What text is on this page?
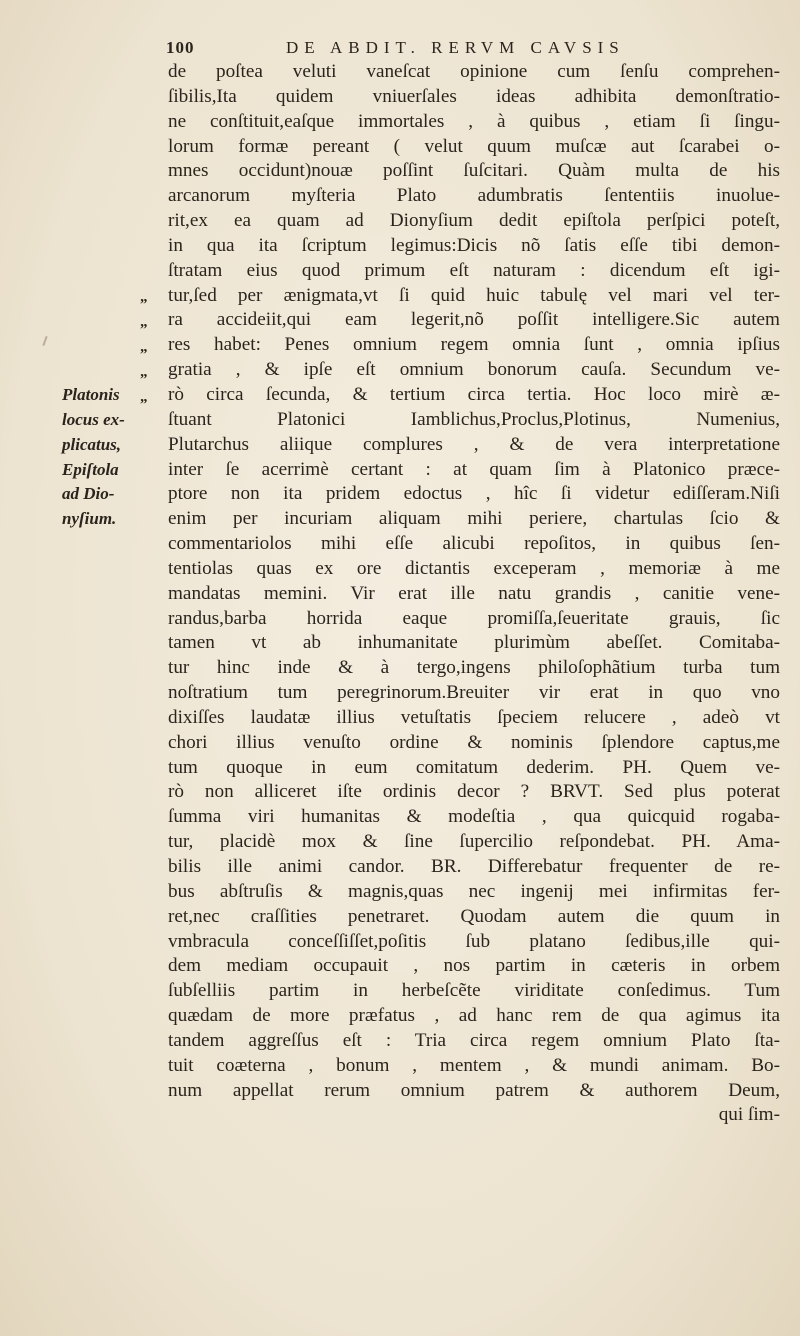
100	DE ABDIT. RERVM CAVSIS
„
„
„
„
„
Platonis
locus ex-
plicatus,
Epiſtola
ad Dio-
nyſium.
de poſtea veluti vaneſcat opinione cum ſenſu comprehen-
ſibilis,Ita quidem vniuerſales ideas adhibita demonſtratio-
ne conſtituit,eaſque immortales , à quibus , etiam ſi ſingu-
lorum formæ pereant ( velut quum muſcæ aut ſcarabei o-
mnes occidunt)nouæ poſſint ſuſcitari. Quàm multa de his
arcanorum myſteria Plato adumbratis ſententiis inuolue-
rit,ex ea quam ad Dionyſium dedit epiſtola perſpici poteſt,
in qua ita ſcriptum legimus:Dicis nõ ſatis eſſe tibi demon-
ſtratam eius quod primum eſt naturam : dicendum eſt igi-
tur,ſed per ænigmata,vt ſi quid huic tabulę vel mari vel ter-
ra accideiit,qui eam legerit,nõ poſſit intelligere.Sic autem
res habet: Penes omnium regem omnia ſunt , omnia ipſius
gratia , & ipſe eſt omnium bonorum cauſa. Secundum ve-
rò circa ſecunda, & tertium circa tertia. Hoc loco mirè æ-
ſtuant Platonici Iamblichus,Proclus,Plotinus, Numenius,
Plutarchus aliique complures , & de vera interpretatione
inter ſe acerrimè certant : at quam ſim à Platonico præce-
ptore non ita pridem edoctus , hîc ſi videtur ediſſeram.Niſi
enim per incuriam aliquam mihi periere, chartulas ſcio &
commentariolos mihi eſſe alicubi repoſitos, in quibus ſen-
tentiolas quas ex ore dictantis exceperam , memoriæ à me
mandatas memini. Vir erat ille natu grandis , canitie vene-
randus,barba horrida eaque promiſſa,ſeueritate grauis, ſic
tamen vt ab inhumanitate plurimùm abeſſet. Comitaba-
tur hinc inde & à tergo,ingens philoſophãtium turba tum
noſtratium tum peregrinorum.Breuiter vir erat in quo vno
dixiſſes laudatæ illius vetuſtatis ſpeciem relucere , adeò vt
chori illius venuſto ordine & nominis ſplendore captus,me
tum quoque in eum comitatum dederim. PH. Quem ve-
rò non alliceret iſte ordinis decor ? BRVT. Sed plus poterat
ſumma viri humanitas & modeſtia , qua quicquid rogaba-
tur, placidè mox & ſine ſupercilio reſpondebat. PH. Ama-
bilis ille animi candor. BR. Differebatur frequenter de re-
bus abſtruſis & magnis,quas nec ingenij mei infirmitas fer-
ret,nec craſſities penetraret. Quodam autem die quum in
vmbracula conceſſiſſet,poſitis ſub platano ſedibus,ille qui-
dem mediam occupauit , nos partim in cæteris in orbem
ſubſelliis partim in herbeſcẽte viriditate conſedimus. Tum
quædam de more præfatus , ad hanc rem de qua agimus ita
tandem aggreſſus eſt : Tria circa regem omnium Plato ſta-
tuit coæterna , bonum , mentem , & mundi animam. Bo-
num appellat rerum omnium patrem & authorem Deum,
qui ſim-
